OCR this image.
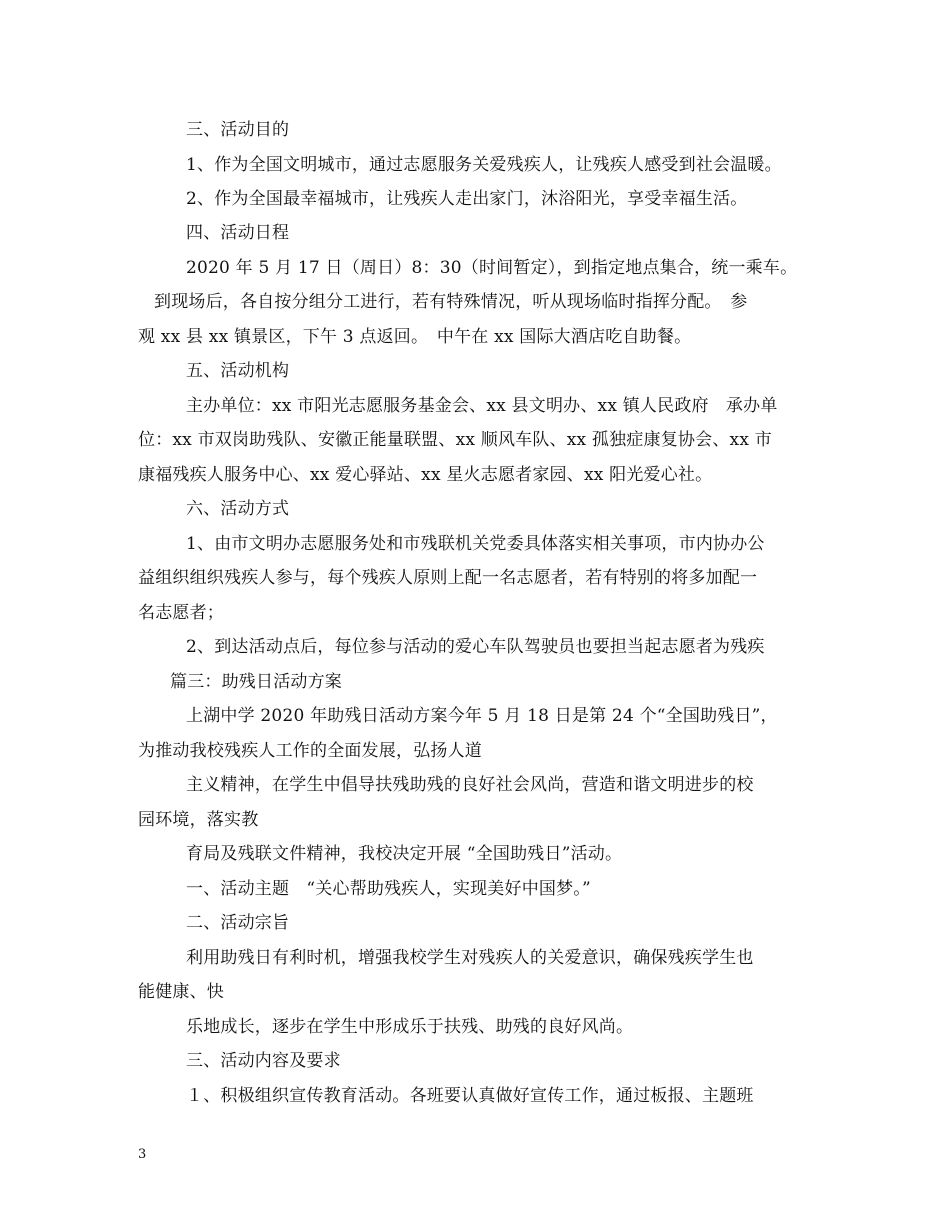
三、活动目的
1、作为全国文明城市，通过志愿服务关爱残疾人，让残疾人感受到社会温暖。
2、作为全国最幸福城市，让残疾人走出家门，沐浴阳光，享受幸福生活。
四、活动日程
2020 年 5 月 17 日（周日）8：30（时间暂定），到指定地点集合，统一乘车。
到现场后，各自按分组分工进行，若有特殊情况，听从现场临时指挥分配。　参
观 xx 县 xx 镇景区，下午 3 点返回。　中午在 xx 国际大酒店吃自助餐。
五、活动机构
主办单位：xx 市阳光志愿服务基金会、xx 县文明办、xx 镇人民政府　承办单
位：xx 市双岗助残队、安徽正能量联盟、xx 顺风车队、xx 孤独症康复协会、xx 市
康福残疾人服务中心、xx 爱心驿站、xx 星火志愿者家园、xx 阳光爱心社。
六、活动方式
1、由市文明办志愿服务处和市残联机关党委具体落实相关事项，市内协办公
益组织组织残疾人参与，每个残疾人原则上配一名志愿者，若有特别的将多加配一
名志愿者；
2、到达活动点后，每位参与活动的爱心车队驾驶员也要担当起志愿者为残疾
篇三：助残日活动方案
上湖中学 2020 年助残日活动方案今年 5 月 18 日是第 24 个“全国助残日”，
为推动我校残疾人工作的全面发展，弘扬人道
主义精神，在学生中倡导扶残助残的良好社会风尚，营造和谐文明进步的校
园环境，落实教
育局及残联文件精神，我校决定开展 “全国助残日”活动。
一、活动主题　“关心帮助残疾人，实现美好中国梦。”
二、活动宗旨
利用助残日有利时机，增强我校学生对残疾人的关爱意识，确保残疾学生也
能健康、快
乐地成长，逐步在学生中形成乐于扶残、助残的良好风尚。
三、活动内容及要求
１、积极组织宣传教育活动。各班要认真做好宣传工作，通过板报、主题班
3
